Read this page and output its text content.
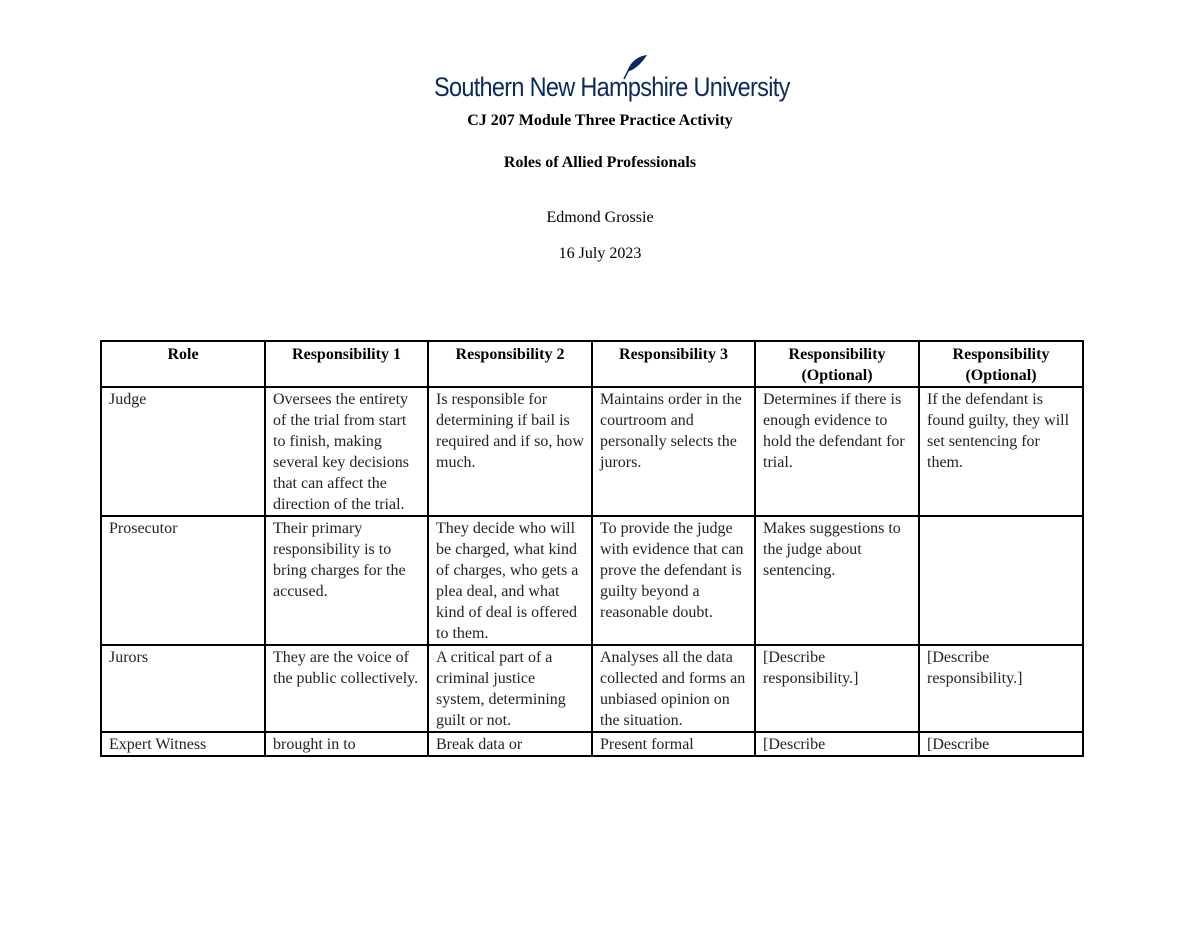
Southern New Hampshire University
CJ 207 Module Three Practice Activity
Roles of Allied Professionals
Edmond Grossie
16 July 2023
Role	Responsibility 1	Responsibility 2	Responsibility 3	Responsibility (Optional)	Responsibility (Optional)
Judge	Oversees the entirety of the trial from start to finish, making several key decisions that can affect the direction of the trial.	Is responsible for determining if bail is required and if so, how much.	Maintains order in the courtroom and personally selects the jurors.	Determines if there is enough evidence to hold the defendant for trial.	If the defendant is found guilty, they will set sentencing for them.
Prosecutor	Their primary responsibility is to bring charges for the accused.	They decide who will be charged, what kind of charges, who gets a plea deal, and what kind of deal is offered to them.	To provide the judge with evidence that can prove the defendant is guilty beyond a reasonable doubt.	Makes suggestions to the judge about sentencing.	
Jurors	They are the voice of the public collectively.	A critical part of a criminal justice system, determining guilt or not.	Analyses all the data collected and forms an unbiased opinion on the situation.	[Describe responsibility.]	[Describe responsibility.]
Expert Witness	brought in to	Break data or	Present formal	[Describe	[Describe
